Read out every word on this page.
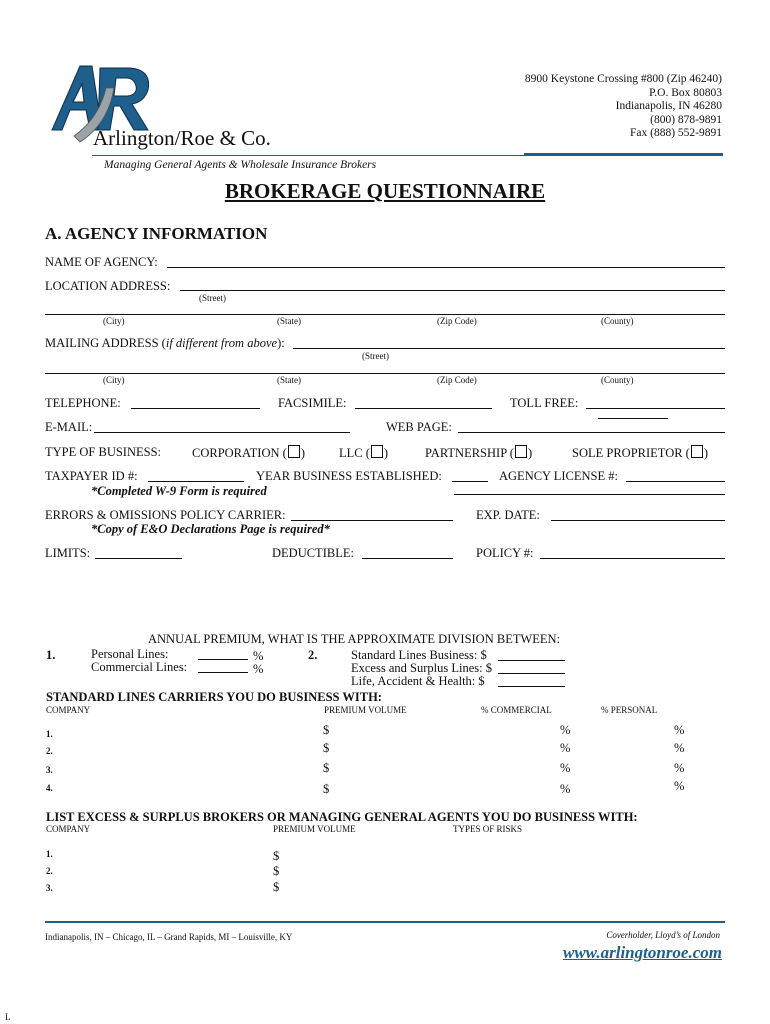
Arlington/Roe & Co.
Managing General Agents & Wholesale Insurance Brokers
8900 Keystone Crossing #800 (Zip 46240)
P.O. Box 80803
Indianapolis, IN 46280
(800) 878-9891
Fax (888) 552-9891
BROKERAGE QUESTIONNAIRE
A. AGENCY INFORMATION
NAME OF AGENCY:
LOCATION ADDRESS:
(Street)
(City)	(State)	(Zip Code)	(County)
MAILING ADDRESS (if different from above):
(Street)
(City)	(State)	(Zip Code)	(County)
TELEPHONE:	FACSIMILE:	TOLL FREE:
E-MAIL:	WEB PAGE:
TYPE OF BUSINESS: CORPORATION ( )	LLC ( )	PARTNERSHIP ( )	SOLE PROPRIETOR ( )
TAXPAYER ID #:	YEAR BUSINESS ESTABLISHED:	AGENCY LICENSE #:
*Completed W-9 Form is required
ERRORS & OMISSIONS POLICY CARRIER:	EXP. DATE:
*Copy of E&O Declarations Page is required*
LIMITS:	DEDUCTIBLE:	POLICY #:
ANNUAL PREMIUM, WHAT IS THE APPROXIMATE DIVISION BETWEEN:
1.	Personal Lines:	%
Commercial Lines:	%
2.	Standard Lines Business: $
Excess and Surplus Lines: $
Life, Accident & Health: $
STANDARD LINES CARRIERS YOU DO BUSINESS WITH:
COMPANY	PREMIUM VOLUME	% COMMERCIAL	% PERSONAL
1.	$	%	%
2.	$	%	%
3.	$	%	%
4.	$	%	%
LIST EXCESS & SURPLUS BROKERS OR MANAGING GENERAL AGENTS YOU DO BUSINESS WITH:
COMPANY	PREMIUM VOLUME	TYPES OF RISKS
1.	$
2.	$
3.	$
Indianapolis, IN – Chicago, IL – Grand Rapids, MI – Louisville, KY	Coverholder, Lloyd’s of London
www.arlingtonroe.com
L
